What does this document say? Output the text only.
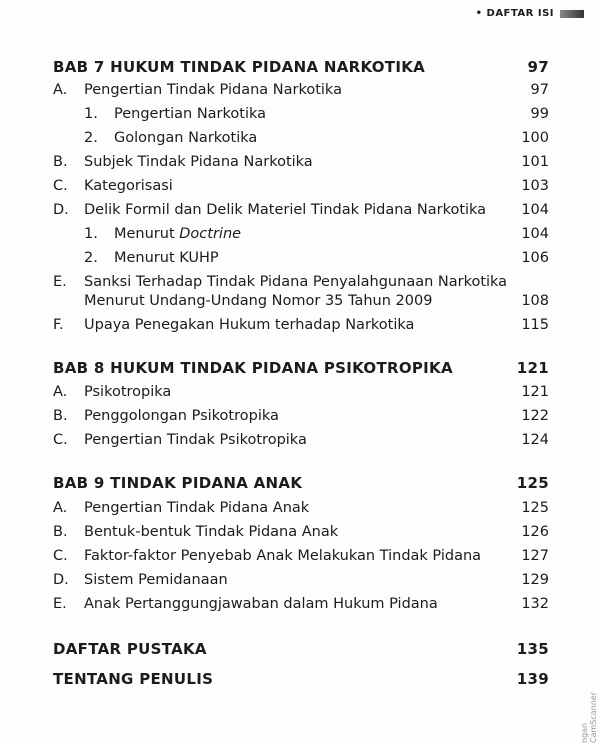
• DAFTAR ISI
BAB 7 HUKUM TINDAK PIDANA NARKOTIKA	97
A. Pengertian Tindak Pidana Narkotika	97
1. Pengertian Narkotika	99
2. Golongan Narkotika	100
B. Subjek Tindak Pidana Narkotika	101
C. Kategorisasi	103
D. Delik Formil dan Delik Materiel Tindak Pidana Narkotika 104
1. Menurut Doctrine	104
2. Menurut KUHP	106
E. Sanksi Terhadap Tindak Pidana Penyalahgunaan Narkotika
Menurut Undang-Undang Nomor 35 Tahun 2009	108
F. Upaya Penegakan Hukum terhadap Narkotika	115
BAB 8 HUKUM TINDAK PIDANA PSIKOTROPIKA	121
A. Psikotropika	121
B. Penggolongan Psikotropika	122
C. Pengertian Tindak Psikotropika	124
BAB 9 TINDAK PIDANA ANAK	125
A. Pengertian Tindak Pidana Anak	125
B. Bentuk-bentuk Tindak Pidana Anak	126
C. Faktor-faktor Penyebab Anak Melakukan Tindak Pidana	127
D. Sistem Pemidanaan	129
E. Anak Pertanggungjawaban dalam Hukum Pidana	132
DAFTAR PUSTAKA	135
TENTANG PENULIS	139
ngan CamScanner
